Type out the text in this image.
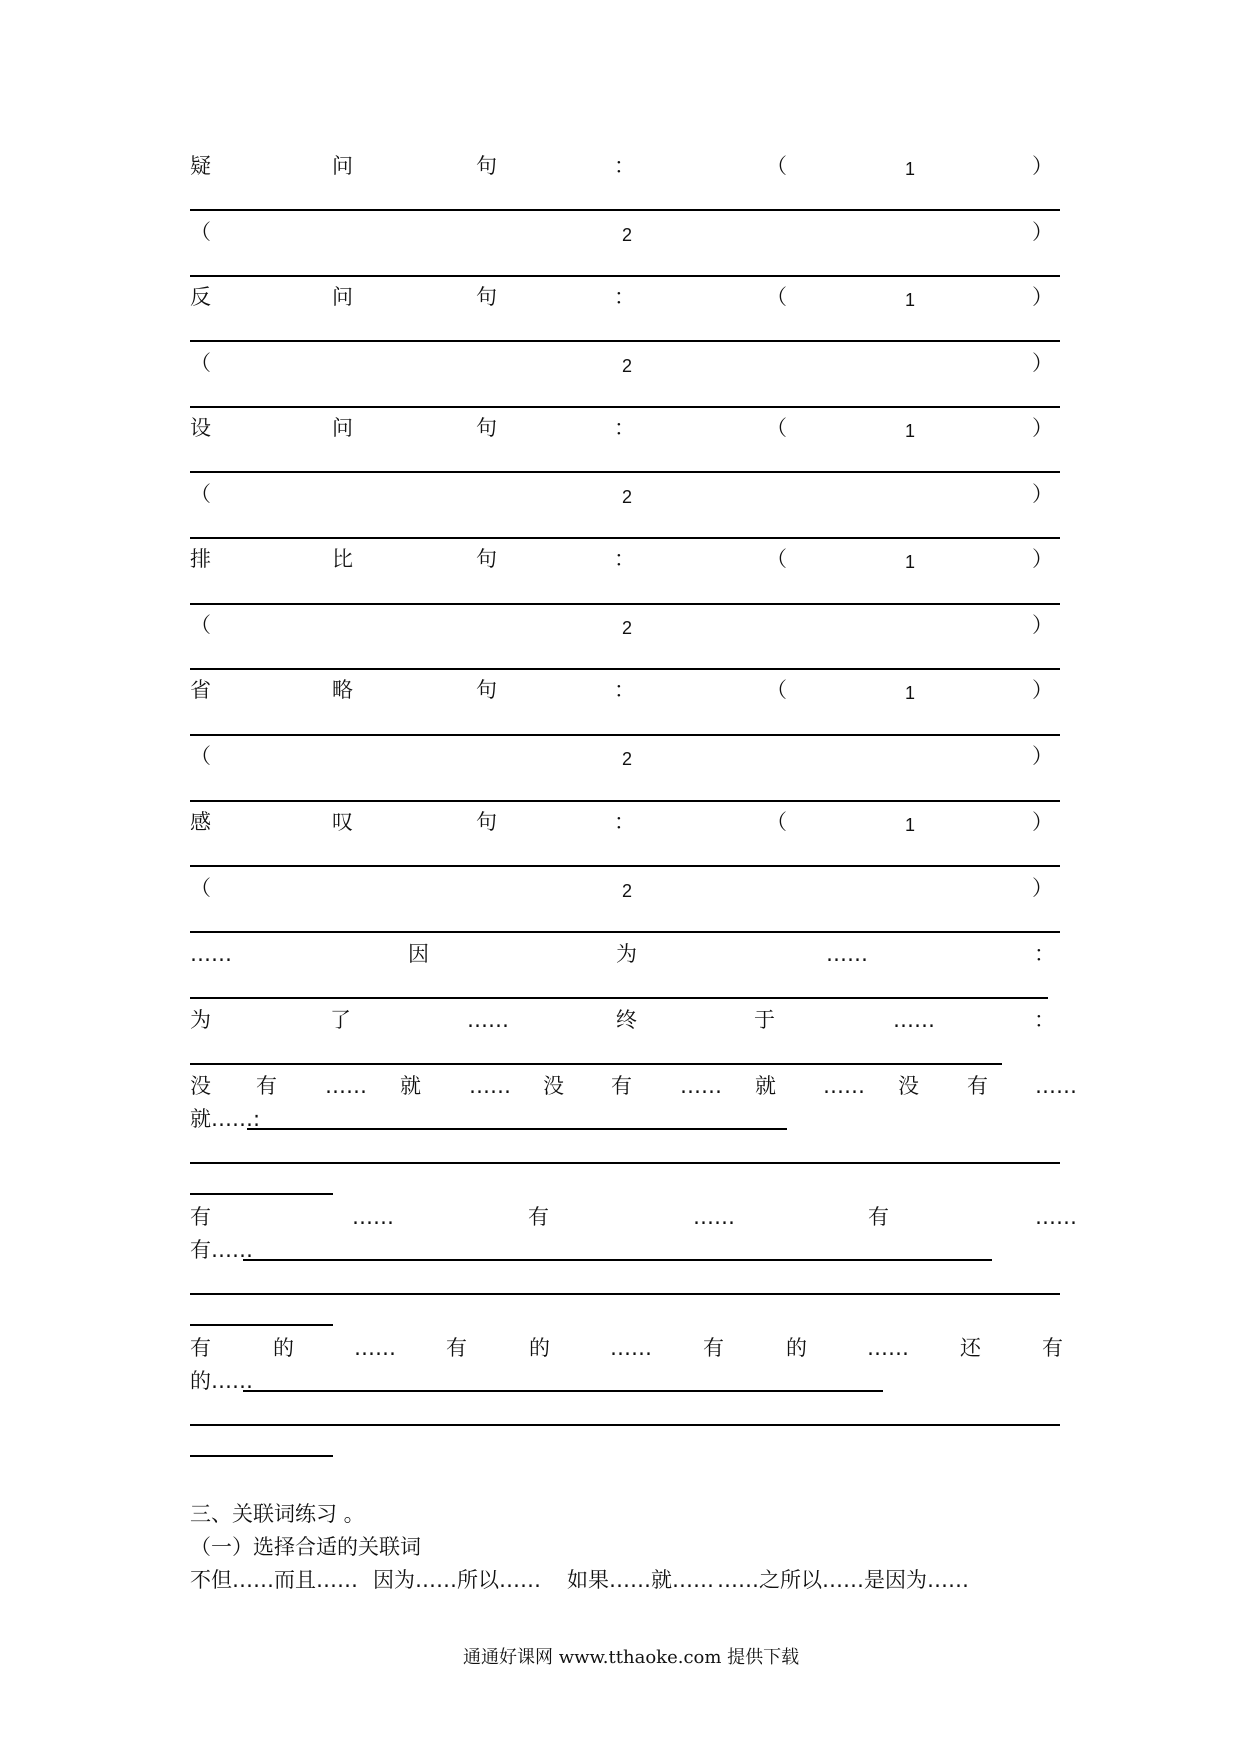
疑	问	句	：	（	1	）
（	2	）
反	问	句	：	（	1	）
（	2	）
设	问	句	：	（	1	）
（	2	）
排	比	句	：	（	1	）
（	2	）
省	略	句	：	（	1	）
（	2	）
感	叹	句	：	（	1	）
（	2	）
……	因	为	……	：
为	了	……	终	于	……	：
没 有 …… 就 …… 没 有 …… 就 …… 没 有 ……
就……:
有	……	有	……	有	……
有……
有	的	…… 有	的	…… 有	的	…… 还	有
的……
三、关联词练习 。
（一）选择合适的关联词
不但……而且…… 因为……所以…… 如果……就…… ……之所以……是因为……
通通好课网 www.tthaoke.com 提供下载
